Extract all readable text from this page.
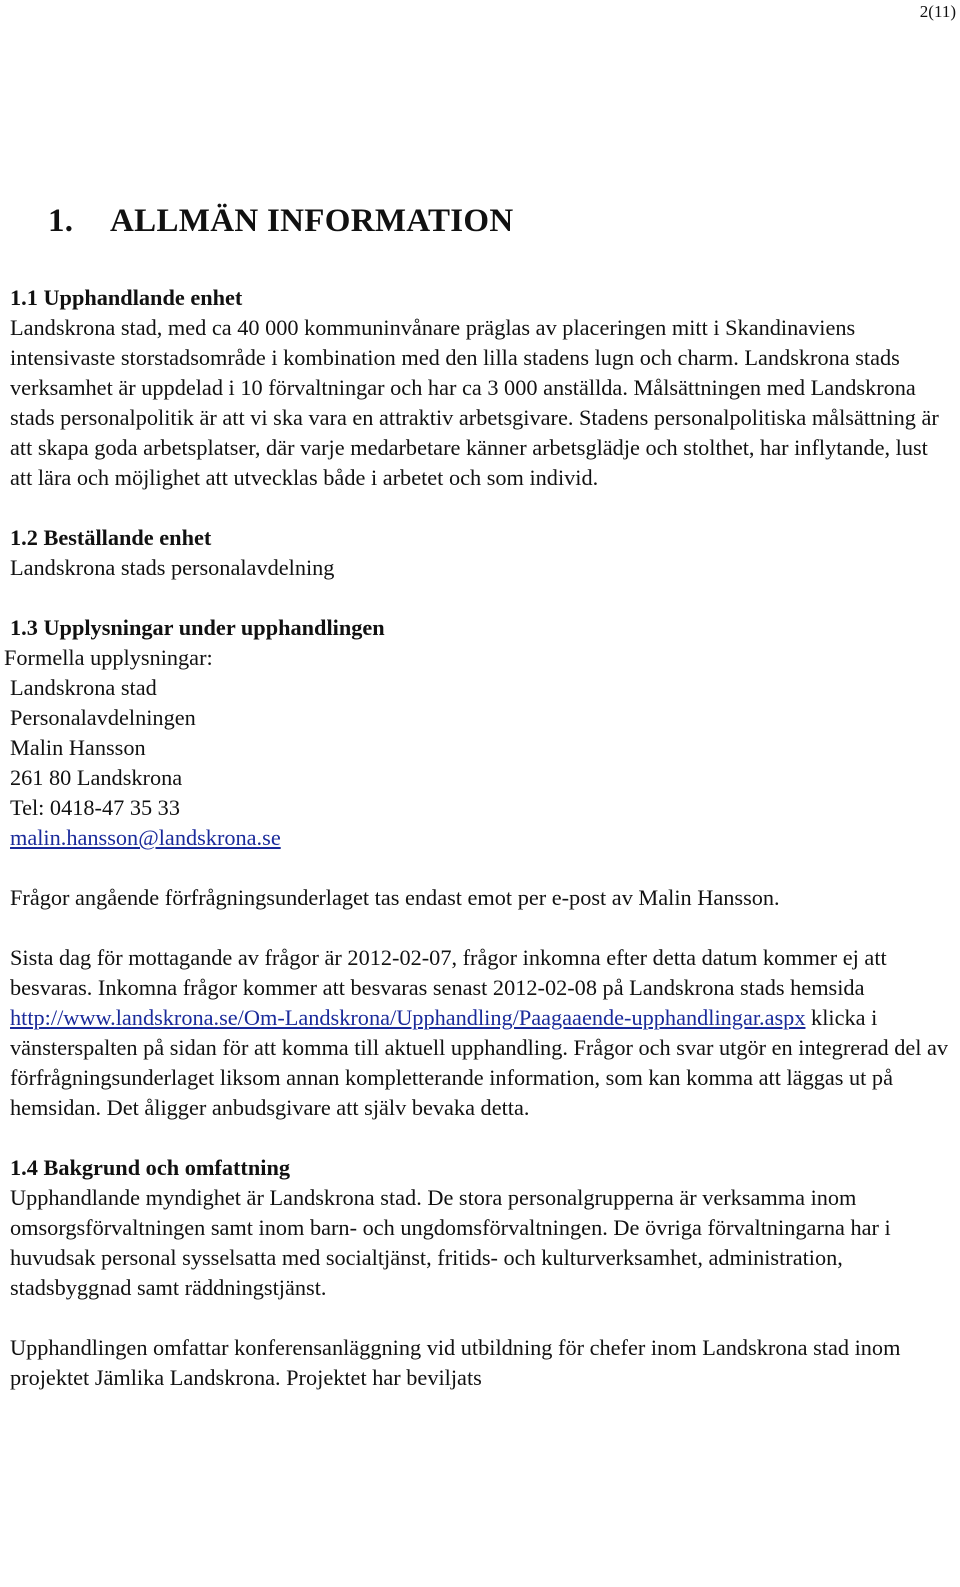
2(11)
1. ALLMÄN INFORMATION
1.1 Upphandlande enhet

Landskrona stad, med ca 40 000 kommuninvånare präglas av placeringen mitt i Skandinaviens intensivaste storstadsområde i kombination med den lilla stadens lugn och charm. Landskrona stads verksamhet är uppdelad i 10 förvaltningar och har ca 3 000 anställda. Målsättningen med Landskrona stads personalpolitik är att vi ska vara en attraktiv arbetsgivare. Stadens personalpolitiska målsättning är att skapa goda arbetsplatser, där varje medarbetare känner arbetsglädje och stolthet, har inflytande, lust att lära och möjlighet att utvecklas både i arbetet och som individ.

1.2 Beställande enhet

Landskrona stads personalavdelning

1.3 Upplysningar under upphandlingen
Formella upplysningar:
Landskrona stad
Personalavdelningen
Malin Hansson
261 80 Landskrona
Tel: 0418-47 35 33
malin.hansson@landskrona.se

Frågor angående förfrågningsunderlaget tas endast emot per e-post av Malin Hansson.

Sista dag för mottagande av frågor är 2012-02-07, frågor inkomna efter detta datum kommer ej att besvaras. Inkomna frågor kommer att besvaras senast 2012-02-08 på Landskrona stads hemsida http://www.landskrona.se/Om-Landskrona/Upphandling/Paagaaende-upphandlingar.aspx klicka i vänsterspalten på sidan för att komma till aktuell upphandling. Frågor och svar utgör en integrerad del av förfrågningsunderlaget liksom annan kompletterande information, som kan komma att läggas ut på hemsidan. Det åligger anbudsgivare att själv bevaka detta.

1.4 Bakgrund och omfattning

Upphandlande myndighet är Landskrona stad. De stora personalgrupperna är verksamma inom omsorgsförvaltningen samt inom barn- och ungdomsförvaltningen. De övriga förvaltningarna har i huvudsak personal sysselsatta med socialtjänst, fritids- och kulturverksamhet, administration, stadsbyggnad samt räddningstjänst.

Upphandlingen omfattar konferensanläggning vid utbildning för chefer inom Landskrona stad inom projektet Jämlika Landskrona. Projektet har beviljats
